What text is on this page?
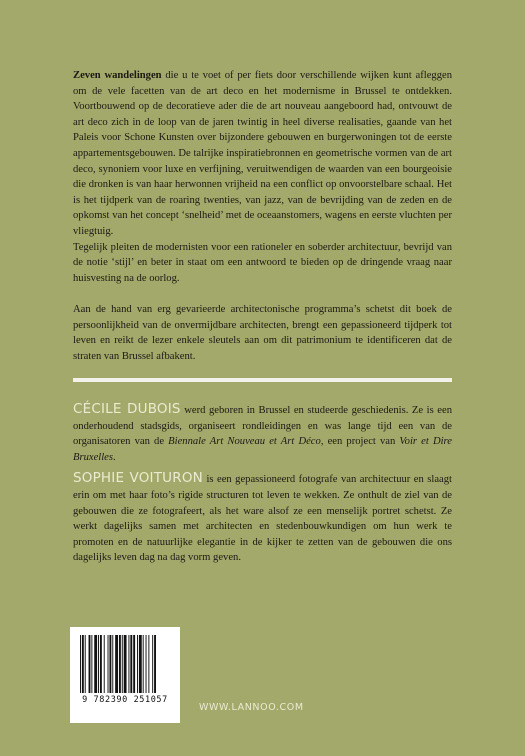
Zeven wandelingen die u te voet of per fiets door verschillende wijken kunt afleggen om de vele facetten van de art deco en het modernisme in Brussel te ontdekken. Voortbouwend op de decoratieve ader die de art nouveau aangeboord had, ontvouwt de art deco zich in de loop van de jaren twintig in heel diverse realisaties, gaande van het Paleis voor Schone Kunsten over bijzondere gebouwen en burgerwoningen tot de eerste appartementsgebouwen. De talrijke inspiratiebronnen en geometrische vormen van de art deco, synoniem voor luxe en verfijning, veruitwendigen de waarden van een bourgeoisie die dronken is van haar herwonnen vrijheid na een conflict op onvoorstelbare schaal. Het is het tijdperk van de roaring twenties, van jazz, van de bevrijding van de zeden en de opkomst van het concept ‘snelheid’ met de oceaanstomers, wagens en eerste vluchten per vliegtuig.

Tegelijk pleiten de modernisten voor een rationeler en soberder architectuur, bevrijd van de notie ‘stijl’ en beter in staat om een antwoord te bieden op de dringende vraag naar huisvesting na de oorlog.

Aan de hand van erg gevarieerde architectonische programma’s schetst dit boek de persoonlijkheid van de onvermijdbare architecten, brengt een gepassioneerd tijdperk tot leven en reikt de lezer enkele sleutels aan om dit patrimonium te identificeren dat de straten van Brussel afbakent.

CÉCILE DUBOIS werd geboren in Brussel en studeerde geschiedenis. Ze is een onderhoudend stadsgids, organiseert rondleidingen en was lange tijd een van de organisatoren van de Biennale Art Nouveau et Art Déco, een project van Voir et Dire Bruxelles.

SOPHIE VOITURON is een gepassioneerd fotografe van architectuur en slaagt erin om met haar foto’s rigide structuren tot leven te wekken. Ze onthult de ziel van de gebouwen die ze fotografeert, als het ware alsof ze een menselijk portret schetst. Ze werkt dagelijks samen met architecten en stedenbouwkundigen om hun werk te promoten en de natuurlijke elegantie in de kijker te zetten van de gebouwen die ons dagelijks leven dag na dag vorm geven.

9 782390 251057
WWW.LANNOO.COM
